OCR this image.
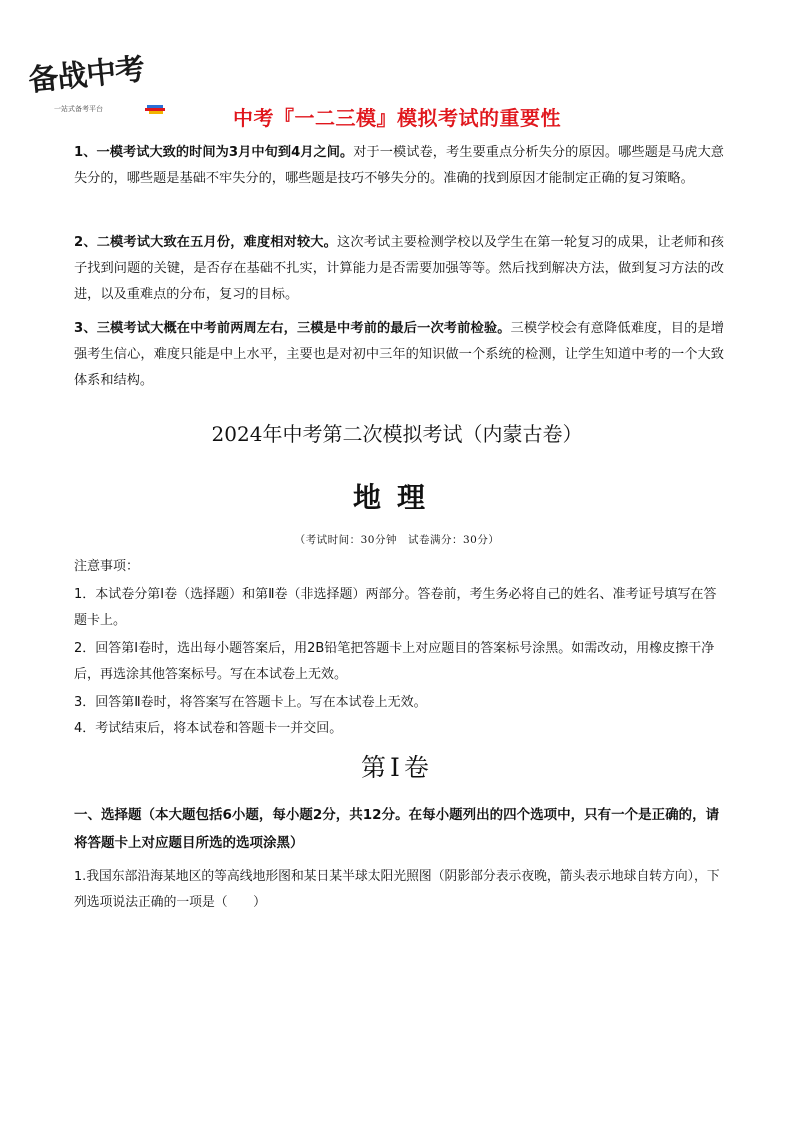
备战中考
一站式备考平台	中考『一二三模』模拟考试的重要性

1、一模考试大致的时间为3月中旬到4月之间。对于一模试卷，考生要重点分析失分的原因。哪些题是马虎大意失分的，哪些题是基础不牢失分的，哪些题是技巧不够失分的。准确的找到原因才能制定正确的复习策略。

2、二模考试大致在五月份，难度相对较大。这次考试主要检测学校以及学生在第一轮复习的成果，让老师和孩子找到问题的关键，是否存在基础不扎实，计算能力是否需要加强等等。然后找到解决方法，做到复习方法的改进，以及重难点的分布，复习的目标。

3、三模考试大概在中考前两周左右，三模是中考前的最后一次考前检验。三模学校会有意降低难度，目的是增强考生信心，难度只能是中上水平，主要也是对初中三年的知识做一个系统的检测，让学生知道中考的一个大致体系和结构。

2024年中考第二次模拟考试（内蒙古卷）
地理
（考试时间：30分钟　试卷满分：30分）
注意事项：

1．本试卷分第Ⅰ卷（选择题）和第Ⅱ卷（非选择题）两部分。答卷前，考生务必将自己的姓名、准考证号填写在答题卡上。

2．回答第Ⅰ卷时，选出每小题答案后，用2B铅笔把答题卡上对应题目的答案标号涂黑。如需改动，用橡皮擦干净后，再选涂其他答案标号。写在本试卷上无效。

3．回答第Ⅱ卷时，将答案写在答题卡上。写在本试卷上无效。

4．考试结束后，将本试卷和答题卡一并交回。

第Ⅰ卷

一、选择题（本大题包括6小题，每小题2分，共12分。在每小题列出的四个选项中，只有一个是正确的，请将答题卡上对应题目所选的选项涂黑）

1.我国东部沿海某地区的等高线地形图和某日某半球太阳光照图（阴影部分表示夜晚，箭头表示地球自转方向），下列选项说法正确的一项是（　　）
